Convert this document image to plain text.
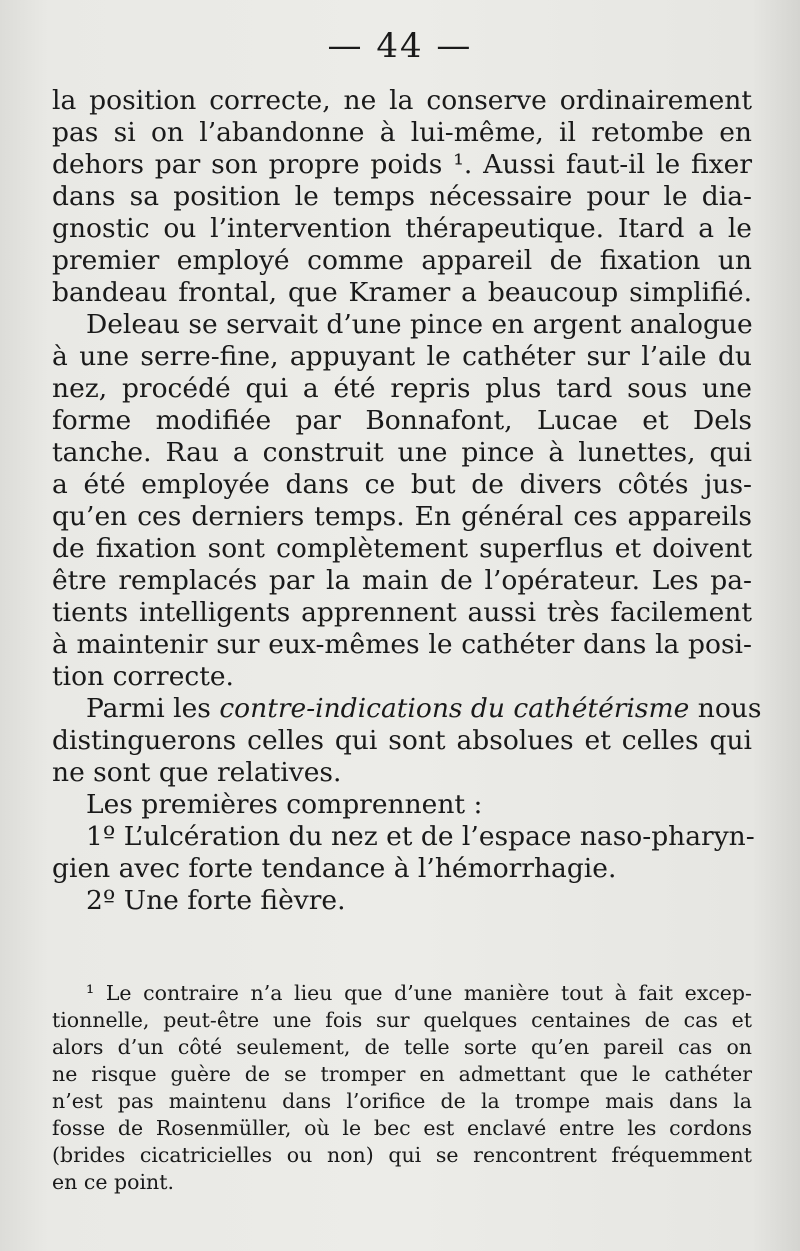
— 44 —
la position correcte, ne la conserve ordinairement
pas si on l’abandonne à lui-même, il retombe en
dehors par son propre poids ¹. Aussi faut-il le fixer
dans sa position le temps nécessaire pour le dia-
gnostic ou l’intervention thérapeutique. Itard a le
premier employé comme appareil de fixation un
bandeau frontal, que Kramer a beaucoup simplifié.
Deleau se servait d’une pince en argent analogue
à une serre-fine, appuyant le cathéter sur l’aile du
nez, procédé qui a été repris plus tard sous une
forme modifiée par Bonnafont, Lucae et Dels
tanche. Rau a construit une pince à lunettes, qui
a été employée dans ce but de divers côtés jus-
qu’en ces derniers temps. En général ces appareils
de fixation sont complètement superflus et doivent
être remplacés par la main de l’opérateur. Les pa-
tients intelligents apprennent aussi très facilement
à maintenir sur eux-mêmes le cathéter dans la posi-
tion correcte.
Parmi les contre-indications du cathétérisme nous
distinguerons celles qui sont absolues et celles qui
ne sont que relatives.
Les premières comprennent :
1º L’ulcération du nez et de l’espace naso-pharyn-
gien avec forte tendance à l’hémorrhagie.
2º Une forte fièvre.
¹ Le contraire n’a lieu que d’une manière tout à fait excep-
tionnelle, peut-être une fois sur quelques centaines de cas et
alors d’un côté seulement, de telle sorte qu’en pareil cas on
ne risque guère de se tromper en admettant que le cathéter
n’est pas maintenu dans l’orifice de la trompe mais dans la
fosse de Rosenmüller, où le bec est enclavé entre les cordons
(brides cicatricielles ou non) qui se rencontrent fréquemment
en ce point.
